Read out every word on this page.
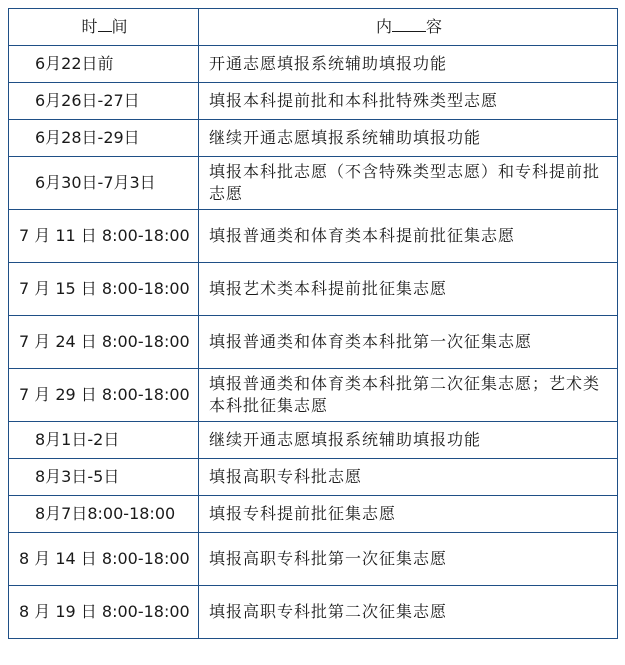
时 间	内 容
6月22日前	开通志愿填报系统辅助填报功能
6月26日-27日	填报本科提前批和本科批特殊类型志愿
6月28日-29日	继续开通志愿填报系统辅助填报功能
6月30日-7月3日	填报本科批志愿（不含特殊类型志愿）和专科提前批志愿
7 月 11 日 8:00-18:00	填报普通类和体育类本科提前批征集志愿
7 月 15 日 8:00-18:00	填报艺术类本科提前批征集志愿
7 月 24 日 8:00-18:00	填报普通类和体育类本科批第一次征集志愿
7 月 29 日 8:00-18:00	填报普通类和体育类本科批第二次征集志愿；艺术类本科批征集志愿
8月1日-2日	继续开通志愿填报系统辅助填报功能
8月3日-5日	填报高职专科批志愿
8月7日8:00-18:00	填报专科提前批征集志愿
8 月 14 日 8:00-18:00	填报高职专科批第一次征集志愿
8 月 19 日 8:00-18:00	填报高职专科批第二次征集志愿
